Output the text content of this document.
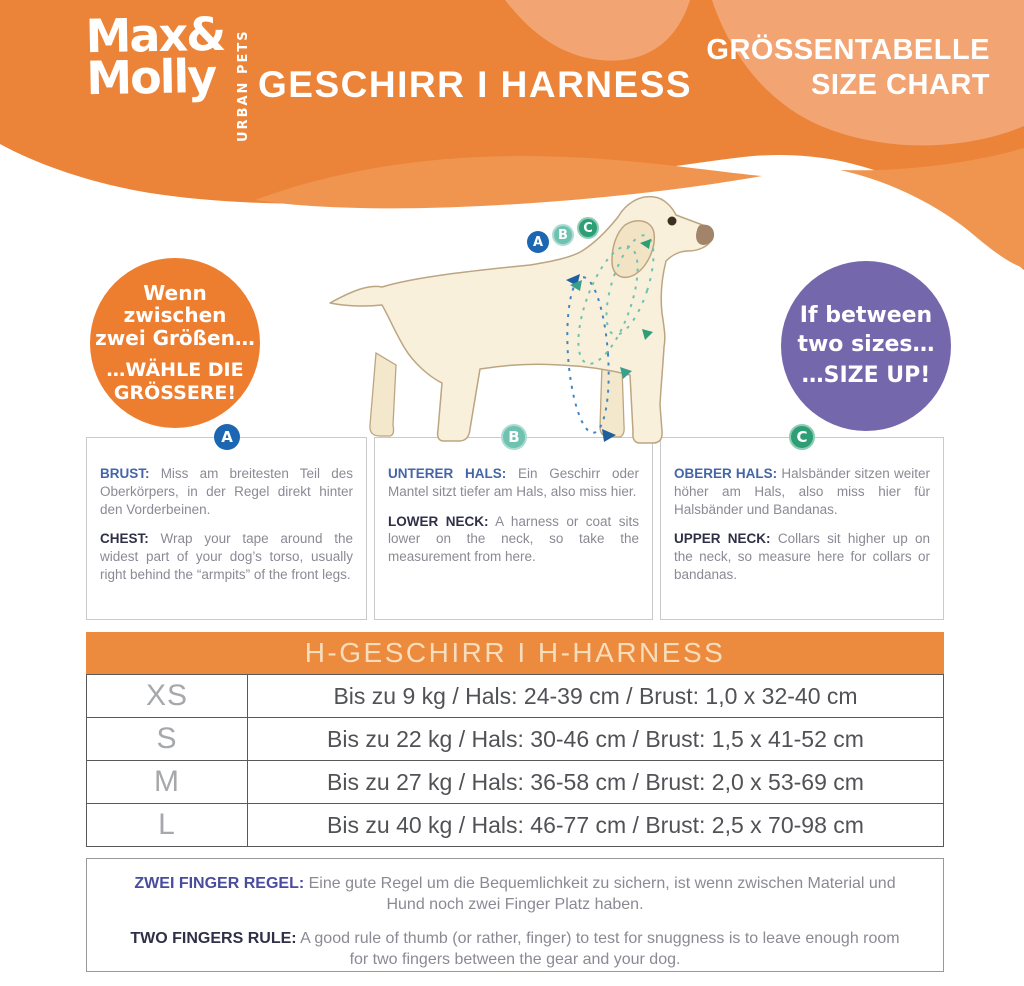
Max&
Molly	URBAN PETS GESCHIRR I HARNESS
GRÖSSENTABELLE
SIZE CHART
Wenn
zwischen
zwei Größen…
…WÄHLE DIE GRÖSSERE!
If between
two sizes…
…SIZE UP!

BRUST: Miss am breitesten Teil des Oberkörpers, in der Regel direkt hinter den Vorderbeinen.

CHEST: Wrap your tape around the widest part of your dog’s torso, usually right behind the “armpits” of the front legs.

UNTERER HALS: Ein Geschirr oder Mantel sitzt tiefer am Hals, also miss hier.

LOWER NECK: A harness or coat sits lower on the neck, so take the measurement from here.

OBERER HALS: Halsbänder sitzen weiter höher am Hals, also miss hier für Halsbänder und Bandanas.

UPPER NECK: Collars sit higher up on the neck, so measure here for collars or bandanas.

A	B	C
A	B	C
H-GESCHIRR I H-HARNESS
XS	Bis zu 9 kg / Hals: 24-39 cm / Brust: 1,0 x 32-40 cm
S	Bis zu 22 kg / Hals: 30-46 cm / Brust: 1,5 x 41-52 cm
M	Bis zu 27 kg / Hals: 36-58 cm / Brust: 2,0 x 53-69 cm
L	Bis zu 40 kg / Hals: 46-77 cm / Brust: 2,5 x 70-98 cm

ZWEI FINGER REGEL: Eine gute Regel um die Bequemlichkeit zu sichern, ist wenn zwischen Material und Hund noch zwei Finger Platz haben.

TWO FINGERS RULE: A good rule of thumb (or rather, finger) to test for snuggness is to leave enough room for two fingers between the gear and your dog.
